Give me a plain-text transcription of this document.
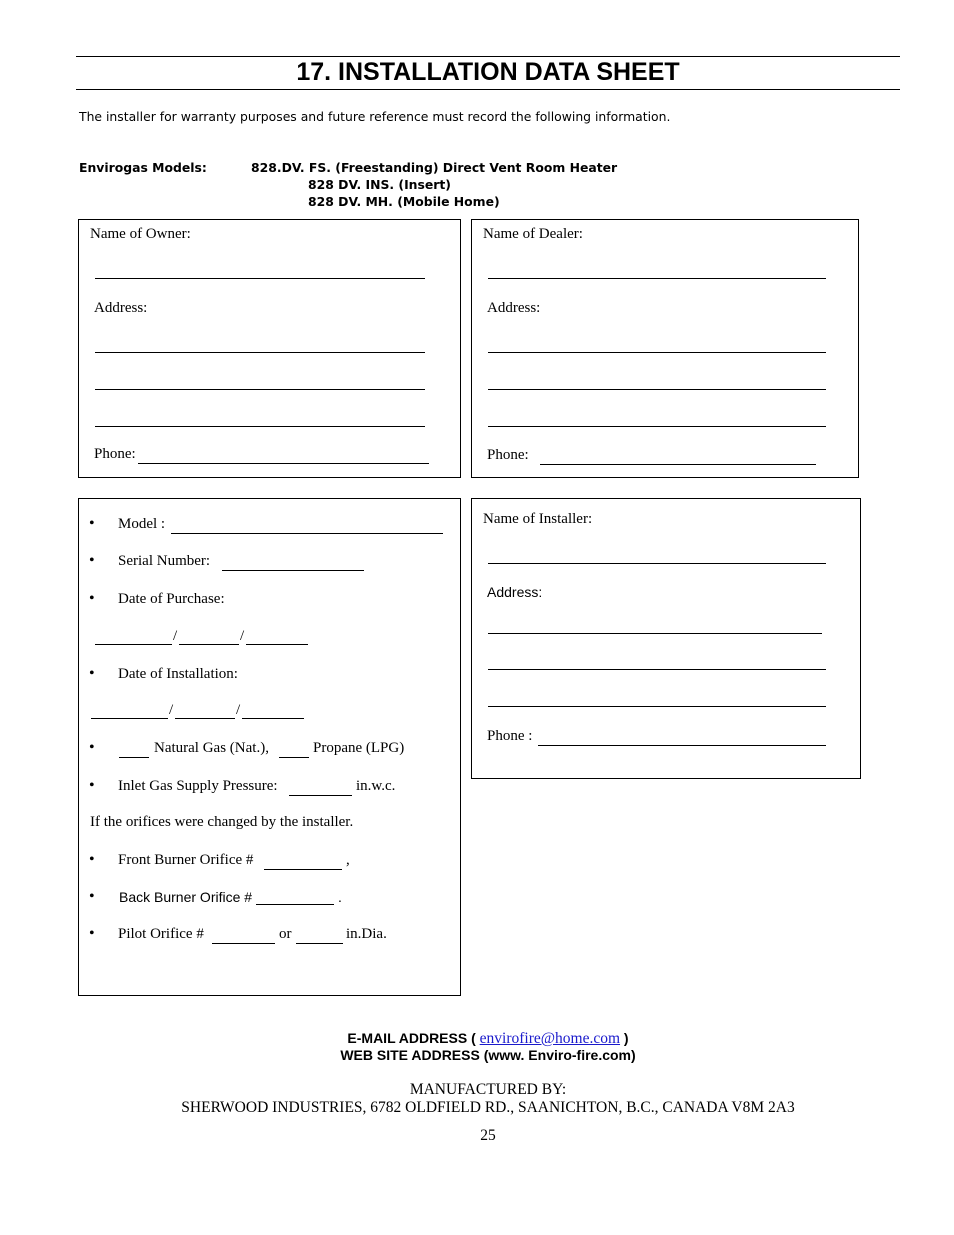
17. INSTALLATION DATA SHEET
The installer for warranty purposes and future reference must record the following information.
Envirogas Models:	828.DV. FS. (Freestanding) Direct Vent Room Heater
828 DV. INS. (Insert)
828 DV. MH. (Mobile Home)
Name of Owner:
Address:
Phone:
Name of Dealer:
Address:
Phone:
• Model :
• Serial Number:
• Date of Purchase:
/	/
• Date of Installation:
/	/
•	Natural Gas (Nat.),	Propane (LPG)
• Inlet Gas Supply Pressure:	in.w.c.
If the orifices were changed by the installer.
• Front Burner Orifice #	,
• Back Burner Orifice #	.
• Pilot Orifice #	or	in.Dia.
Name of Installer:
Address:
Phone :
E-MAIL ADDRESS ( envirofire@home.com )
WEB SITE ADDRESS (www. Enviro-fire.com)
MANUFACTURED BY:
SHERWOOD INDUSTRIES, 6782 OLDFIELD RD., SAANICHTON, B.C., CANADA V8M 2A3
25
